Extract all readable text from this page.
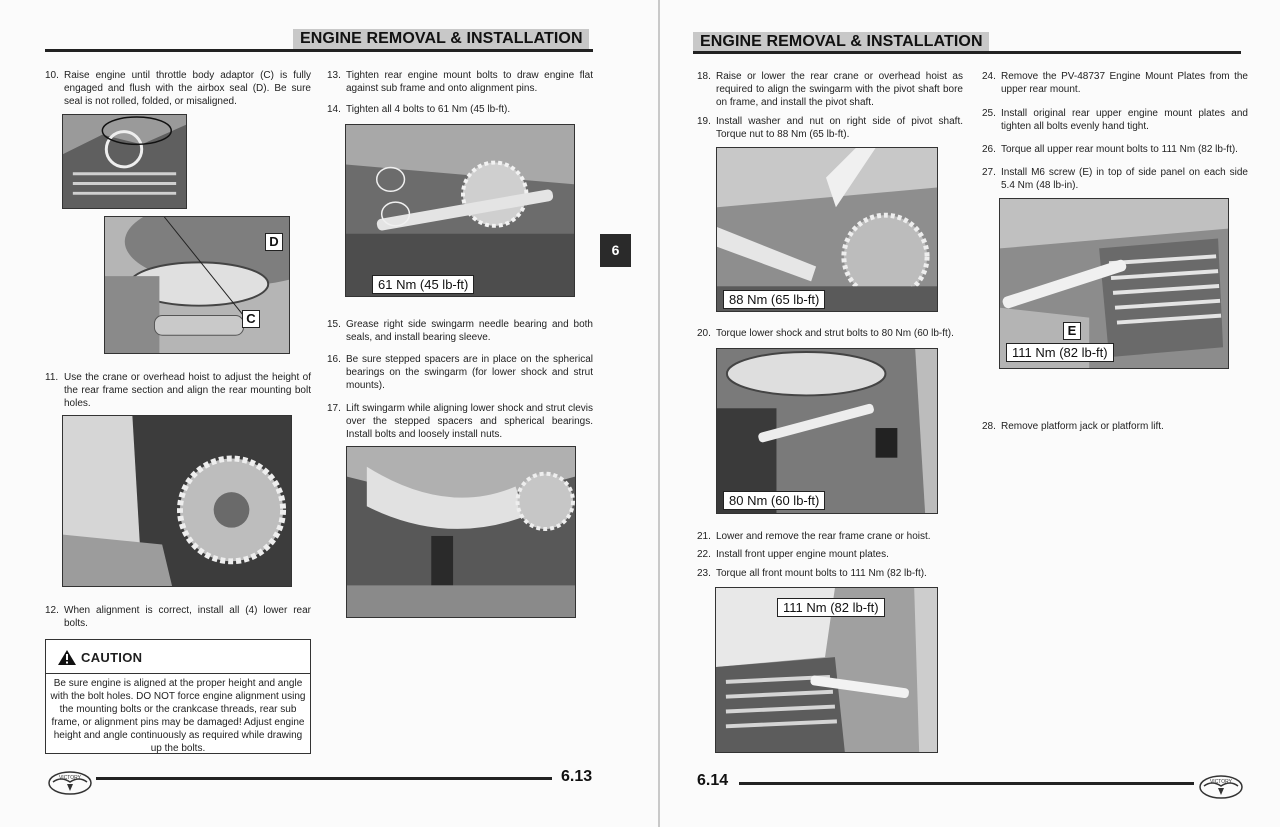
ENGINE REMOVAL & INSTALLATION
10. Raise engine until throttle body adaptor (C) is fully engaged and flush with the airbox seal (D). Be sure seal is not rolled, folded, or misaligned.
D
C
11. Use the crane or overhead hoist to adjust the height of the rear frame section and align the rear mounting bolt holes.
12. When alignment is correct, install all (4) lower rear bolts.
CAUTION
Be sure engine is aligned at the proper height and angle with the bolt holes. DO NOT force engine alignment using the mounting bolts or the crankcase threads, rear sub frame, or alignment pins may be damaged! Adjust engine height and angle continuously as required while drawing up the bolts.
13. Tighten rear engine mount bolts to draw engine flat against sub frame and onto alignment pins.
14. Tighten all 4 bolts to 61 Nm (45 lb-ft).
61 Nm (45 lb-ft)
15. Grease right side swingarm needle bearing and both seals, and install bearing sleeve.
16. Be sure stepped spacers are in place on the spherical bearings on the swingarm (for lower shock and strut mounts).
17. Lift swingarm while aligning lower shock and strut clevis over the stepped spacers and spherical bearings. Install bolts and loosely install nuts.
6
VICTORY	6.13
ENGINE REMOVAL & INSTALLATION
18. Raise or lower the rear crane or overhead hoist as required to align the swingarm with the pivot shaft bore on frame, and install the pivot shaft.
19. Install washer and nut on right side of pivot shaft. Torque nut to 88 Nm (65 lb-ft).
88 Nm (65 lb-ft)
20. Torque lower shock and strut bolts to 80 Nm (60 lb-ft).
80 Nm (60 lb-ft)
21. Lower and remove the rear frame crane or hoist.
22. Install front upper engine mount plates.
23. Torque all front mount bolts to 111 Nm (82 lb-ft).
111 Nm (82 lb-ft)
24. Remove the PV-48737 Engine Mount Plates from the upper rear mount.
25. Install original rear upper engine mount plates and tighten all bolts evenly hand tight.
26. Torque all upper rear mount bolts to 111 Nm (82 lb-ft).
27. Install M6 screw (E) in top of side panel on each side 5.4 Nm (48 lb-in).
E
111 Nm (82 lb-ft)
28. Remove platform jack or platform lift.
6.14	VICTORY
